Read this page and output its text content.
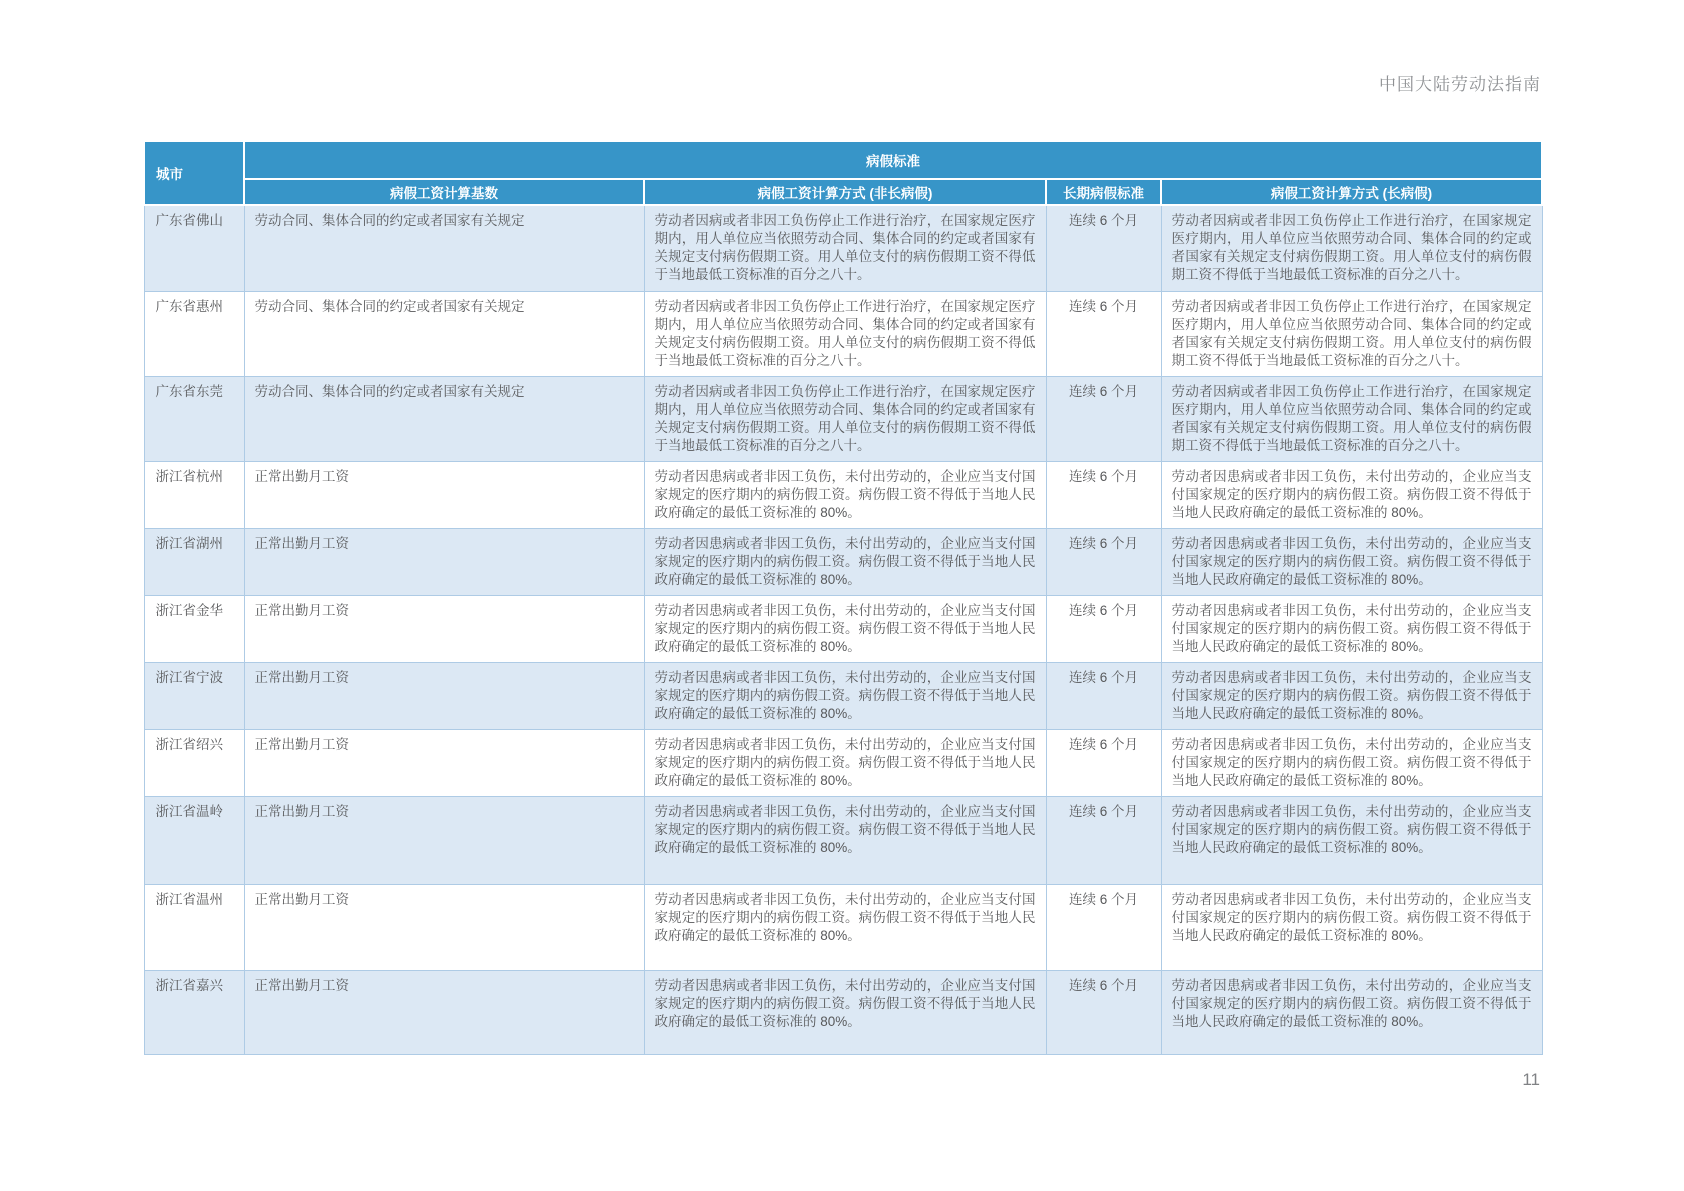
中国大陆劳动法指南
城市	病假标准			
	病假工资计算基数	病假工资计算方式 (非长病假)	长期病假标准	病假工资计算方式 (长病假)
广东省佛山	劳动合同、集体合同的约定或者国家有关规定	劳动者因病或者非因工负伤停止工作进行治疗，在国家规定医疗期内，用人单位应当依照劳动合同、集体合同的约定或者国家有关规定支付病伤假期工资。用人单位支付的病伤假期工资不得低于当地最低工资标准的百分之八十。	连续 6 个月	劳动者因病或者非因工负伤停止工作进行治疗，在国家规定医疗期内，用人单位应当依照劳动合同、集体合同的约定或者国家有关规定支付病伤假期工资。用人单位支付的病伤假期工资不得低于当地最低工资标准的百分之八十。
广东省惠州	劳动合同、集体合同的约定或者国家有关规定	劳动者因病或者非因工负伤停止工作进行治疗，在国家规定医疗期内，用人单位应当依照劳动合同、集体合同的约定或者国家有关规定支付病伤假期工资。用人单位支付的病伤假期工资不得低于当地最低工资标准的百分之八十。	连续 6 个月	劳动者因病或者非因工负伤停止工作进行治疗，在国家规定医疗期内，用人单位应当依照劳动合同、集体合同的约定或者国家有关规定支付病伤假期工资。用人单位支付的病伤假期工资不得低于当地最低工资标准的百分之八十。
广东省东莞	劳动合同、集体合同的约定或者国家有关规定	劳动者因病或者非因工负伤停止工作进行治疗，在国家规定医疗期内，用人单位应当依照劳动合同、集体合同的约定或者国家有关规定支付病伤假期工资。用人单位支付的病伤假期工资不得低于当地最低工资标准的百分之八十。	连续 6 个月	劳动者因病或者非因工负伤停止工作进行治疗，在国家规定医疗期内，用人单位应当依照劳动合同、集体合同的约定或者国家有关规定支付病伤假期工资。用人单位支付的病伤假期工资不得低于当地最低工资标准的百分之八十。
浙江省杭州	正常出勤月工资	劳动者因患病或者非因工负伤，未付出劳动的，企业应当支付国家规定的医疗期内的病伤假工资。病伤假工资不得低于当地人民政府确定的最低工资标准的 80%。	连续 6 个月	劳动者因患病或者非因工负伤，未付出劳动的，企业应当支付国家规定的医疗期内的病伤假工资。病伤假工资不得低于当地人民政府确定的最低工资标准的 80%。
浙江省湖州	正常出勤月工资	劳动者因患病或者非因工负伤，未付出劳动的，企业应当支付国家规定的医疗期内的病伤假工资。病伤假工资不得低于当地人民政府确定的最低工资标准的 80%。	连续 6 个月	劳动者因患病或者非因工负伤，未付出劳动的，企业应当支付国家规定的医疗期内的病伤假工资。病伤假工资不得低于当地人民政府确定的最低工资标准的 80%。
浙江省金华	正常出勤月工资	劳动者因患病或者非因工负伤，未付出劳动的，企业应当支付国家规定的医疗期内的病伤假工资。病伤假工资不得低于当地人民政府确定的最低工资标准的 80%。	连续 6 个月	劳动者因患病或者非因工负伤，未付出劳动的，企业应当支付国家规定的医疗期内的病伤假工资。病伤假工资不得低于当地人民政府确定的最低工资标准的 80%。
浙江省宁波	正常出勤月工资	劳动者因患病或者非因工负伤，未付出劳动的，企业应当支付国家规定的医疗期内的病伤假工资。病伤假工资不得低于当地人民政府确定的最低工资标准的 80%。	连续 6 个月	劳动者因患病或者非因工负伤，未付出劳动的，企业应当支付国家规定的医疗期内的病伤假工资。病伤假工资不得低于当地人民政府确定的最低工资标准的 80%。
浙江省绍兴	正常出勤月工资	劳动者因患病或者非因工负伤，未付出劳动的，企业应当支付国家规定的医疗期内的病伤假工资。病伤假工资不得低于当地人民政府确定的最低工资标准的 80%。	连续 6 个月	劳动者因患病或者非因工负伤，未付出劳动的，企业应当支付国家规定的医疗期内的病伤假工资。病伤假工资不得低于当地人民政府确定的最低工资标准的 80%。
浙江省温岭	正常出勤月工资	劳动者因患病或者非因工负伤，未付出劳动的，企业应当支付国家规定的医疗期内的病伤假工资。病伤假工资不得低于当地人民政府确定的最低工资标准的 80%。	连续 6 个月	劳动者因患病或者非因工负伤，未付出劳动的，企业应当支付国家规定的医疗期内的病伤假工资。病伤假工资不得低于当地人民政府确定的最低工资标准的 80%。
浙江省温州	正常出勤月工资	劳动者因患病或者非因工负伤，未付出劳动的，企业应当支付国家规定的医疗期内的病伤假工资。病伤假工资不得低于当地人民政府确定的最低工资标准的 80%。	连续 6 个月	劳动者因患病或者非因工负伤，未付出劳动的，企业应当支付国家规定的医疗期内的病伤假工资。病伤假工资不得低于当地人民政府确定的最低工资标准的 80%。
浙江省嘉兴	正常出勤月工资	劳动者因患病或者非因工负伤，未付出劳动的，企业应当支付国家规定的医疗期内的病伤假工资。病伤假工资不得低于当地人民政府确定的最低工资标准的 80%。	连续 6 个月	劳动者因患病或者非因工负伤，未付出劳动的，企业应当支付国家规定的医疗期内的病伤假工资。病伤假工资不得低于当地人民政府确定的最低工资标准的 80%。
11
